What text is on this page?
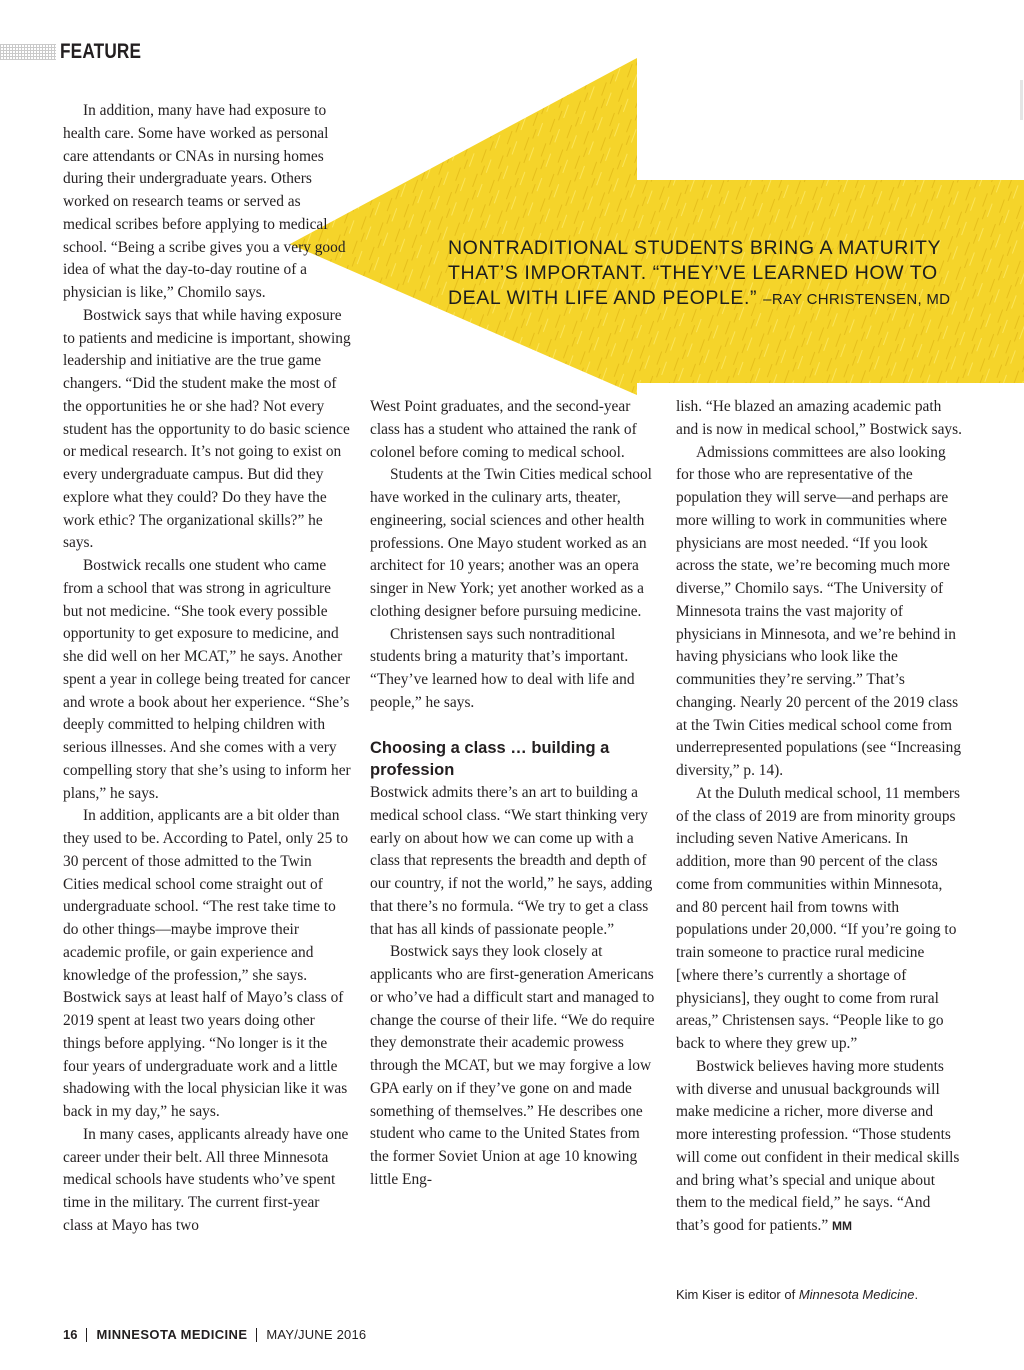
FEATURE
NONTRADITIONAL STUDENTS BRING A MATURITY THAT’S IMPORTANT. “THEY’VE LEARNED HOW TO DEAL WITH LIFE AND PEOPLE.” –RAY CHRISTENSEN, MD

In addition, many have had exposure to health care. Some have worked as personal care attendants or CNAs in nursing homes during their undergraduate years. Others worked on research teams or served as medical scribes before applying to medical school. “Being a scribe gives you a very good idea of what the day-to-day routine of a physician is like,” Chomilo says.

Bostwick says that while having exposure to patients and medicine is important, showing leadership and initiative are the true game changers. “Did the student make the most of the opportunities he or she had? Not every student has the opportunity to do basic science or medical research. It’s not going to exist on every undergraduate campus. But did they explore what they could? Do they have the work ethic? The organizational skills?” he says.

Bostwick recalls one student who came from a school that was strong in agriculture but not medicine. “She took every possible opportunity to get exposure to medicine, and she did well on her MCAT,” he says. Another spent a year in college being treated for cancer and wrote a book about her experience. “She’s deeply committed to helping children with serious illnesses. And she comes with a very compelling story that she’s using to inform her plans,” he says.

In addition, applicants are a bit older than they used to be. According to Patel, only 25 to 30 percent of those admitted to the Twin Cities medical school come straight out of undergraduate school. “The rest take time to do other things—maybe improve their academic profile, or gain experience and knowledge of the profession,” she says. Bostwick says at least half of Mayo’s class of 2019 spent at least two years doing other things before applying. “No longer is it the four years of undergraduate work and a little shadowing with the local physician like it was back in my day,” he says.

In many cases, applicants already have one career under their belt. All three Minnesota medical schools have students who’ve spent time in the military. The current first-year class at Mayo has two

West Point graduates, and the second-year class has a student who attained the rank of colonel before coming to medical school.

Students at the Twin Cities medical school have worked in the culinary arts, theater, engineering, social sciences and other health professions. One Mayo student worked as an architect for 10 years; another was an opera singer in New York; yet another worked as a clothing designer before pursuing medicine.

Christensen says such nontraditional students bring a maturity that’s important. “They’ve learned how to deal with life and people,” he says.

Choosing a class … building a profession

Bostwick admits there’s an art to building a medical school class. “We start thinking very early on about how we can come up with a class that represents the breadth and depth of our country, if not the world,” he says, adding that there’s no formula. “We try to get a class that has all kinds of passionate people.”

Bostwick says they look closely at applicants who are first-generation Americans or who’ve had a difficult start and managed to change the course of their life. “We do require they demonstrate their academic prowess through the MCAT, but we may forgive a low GPA early on if they’ve gone on and made something of themselves.” He describes one student who came to the United States from the former Soviet Union at age 10 knowing little Eng-

lish. “He blazed an amazing academic path and is now in medical school,” Bostwick says.

Admissions committees are also looking for those who are representative of the population they will serve—and perhaps are more willing to work in communities where physicians are most needed. “If you look across the state, we’re becoming much more diverse,” Chomilo says. “The University of Minnesota trains the vast majority of physicians in Minnesota, and we’re behind in having physicians who look like the communities they’re serving.” That’s changing. Nearly 20 percent of the 2019 class at the Twin Cities medical school come from underrepresented populations (see “Increasing diversity,” p. 14).

At the Duluth medical school, 11 members of the class of 2019 are from minority groups including seven Native Americans. In addition, more than 90 percent of the class come from communities within Minnesota, and 80 percent hail from towns with populations under 20,000. “If you’re going to train someone to practice rural medicine [where there’s currently a shortage of physicians], they ought to come from rural areas,” Christensen says. “People like to go back to where they grew up.”

Bostwick believes having more students with diverse and unusual backgrounds will make medicine a richer, more diverse and more interesting profession. “Those students will come out confident in their medical skills and bring what’s special and unique about them to the medical field,” he says. “And that’s good for patients.” MM

Kim Kiser is editor of Minnesota Medicine.
16 MINNESOTA MEDICINE MAY/JUNE 2016
